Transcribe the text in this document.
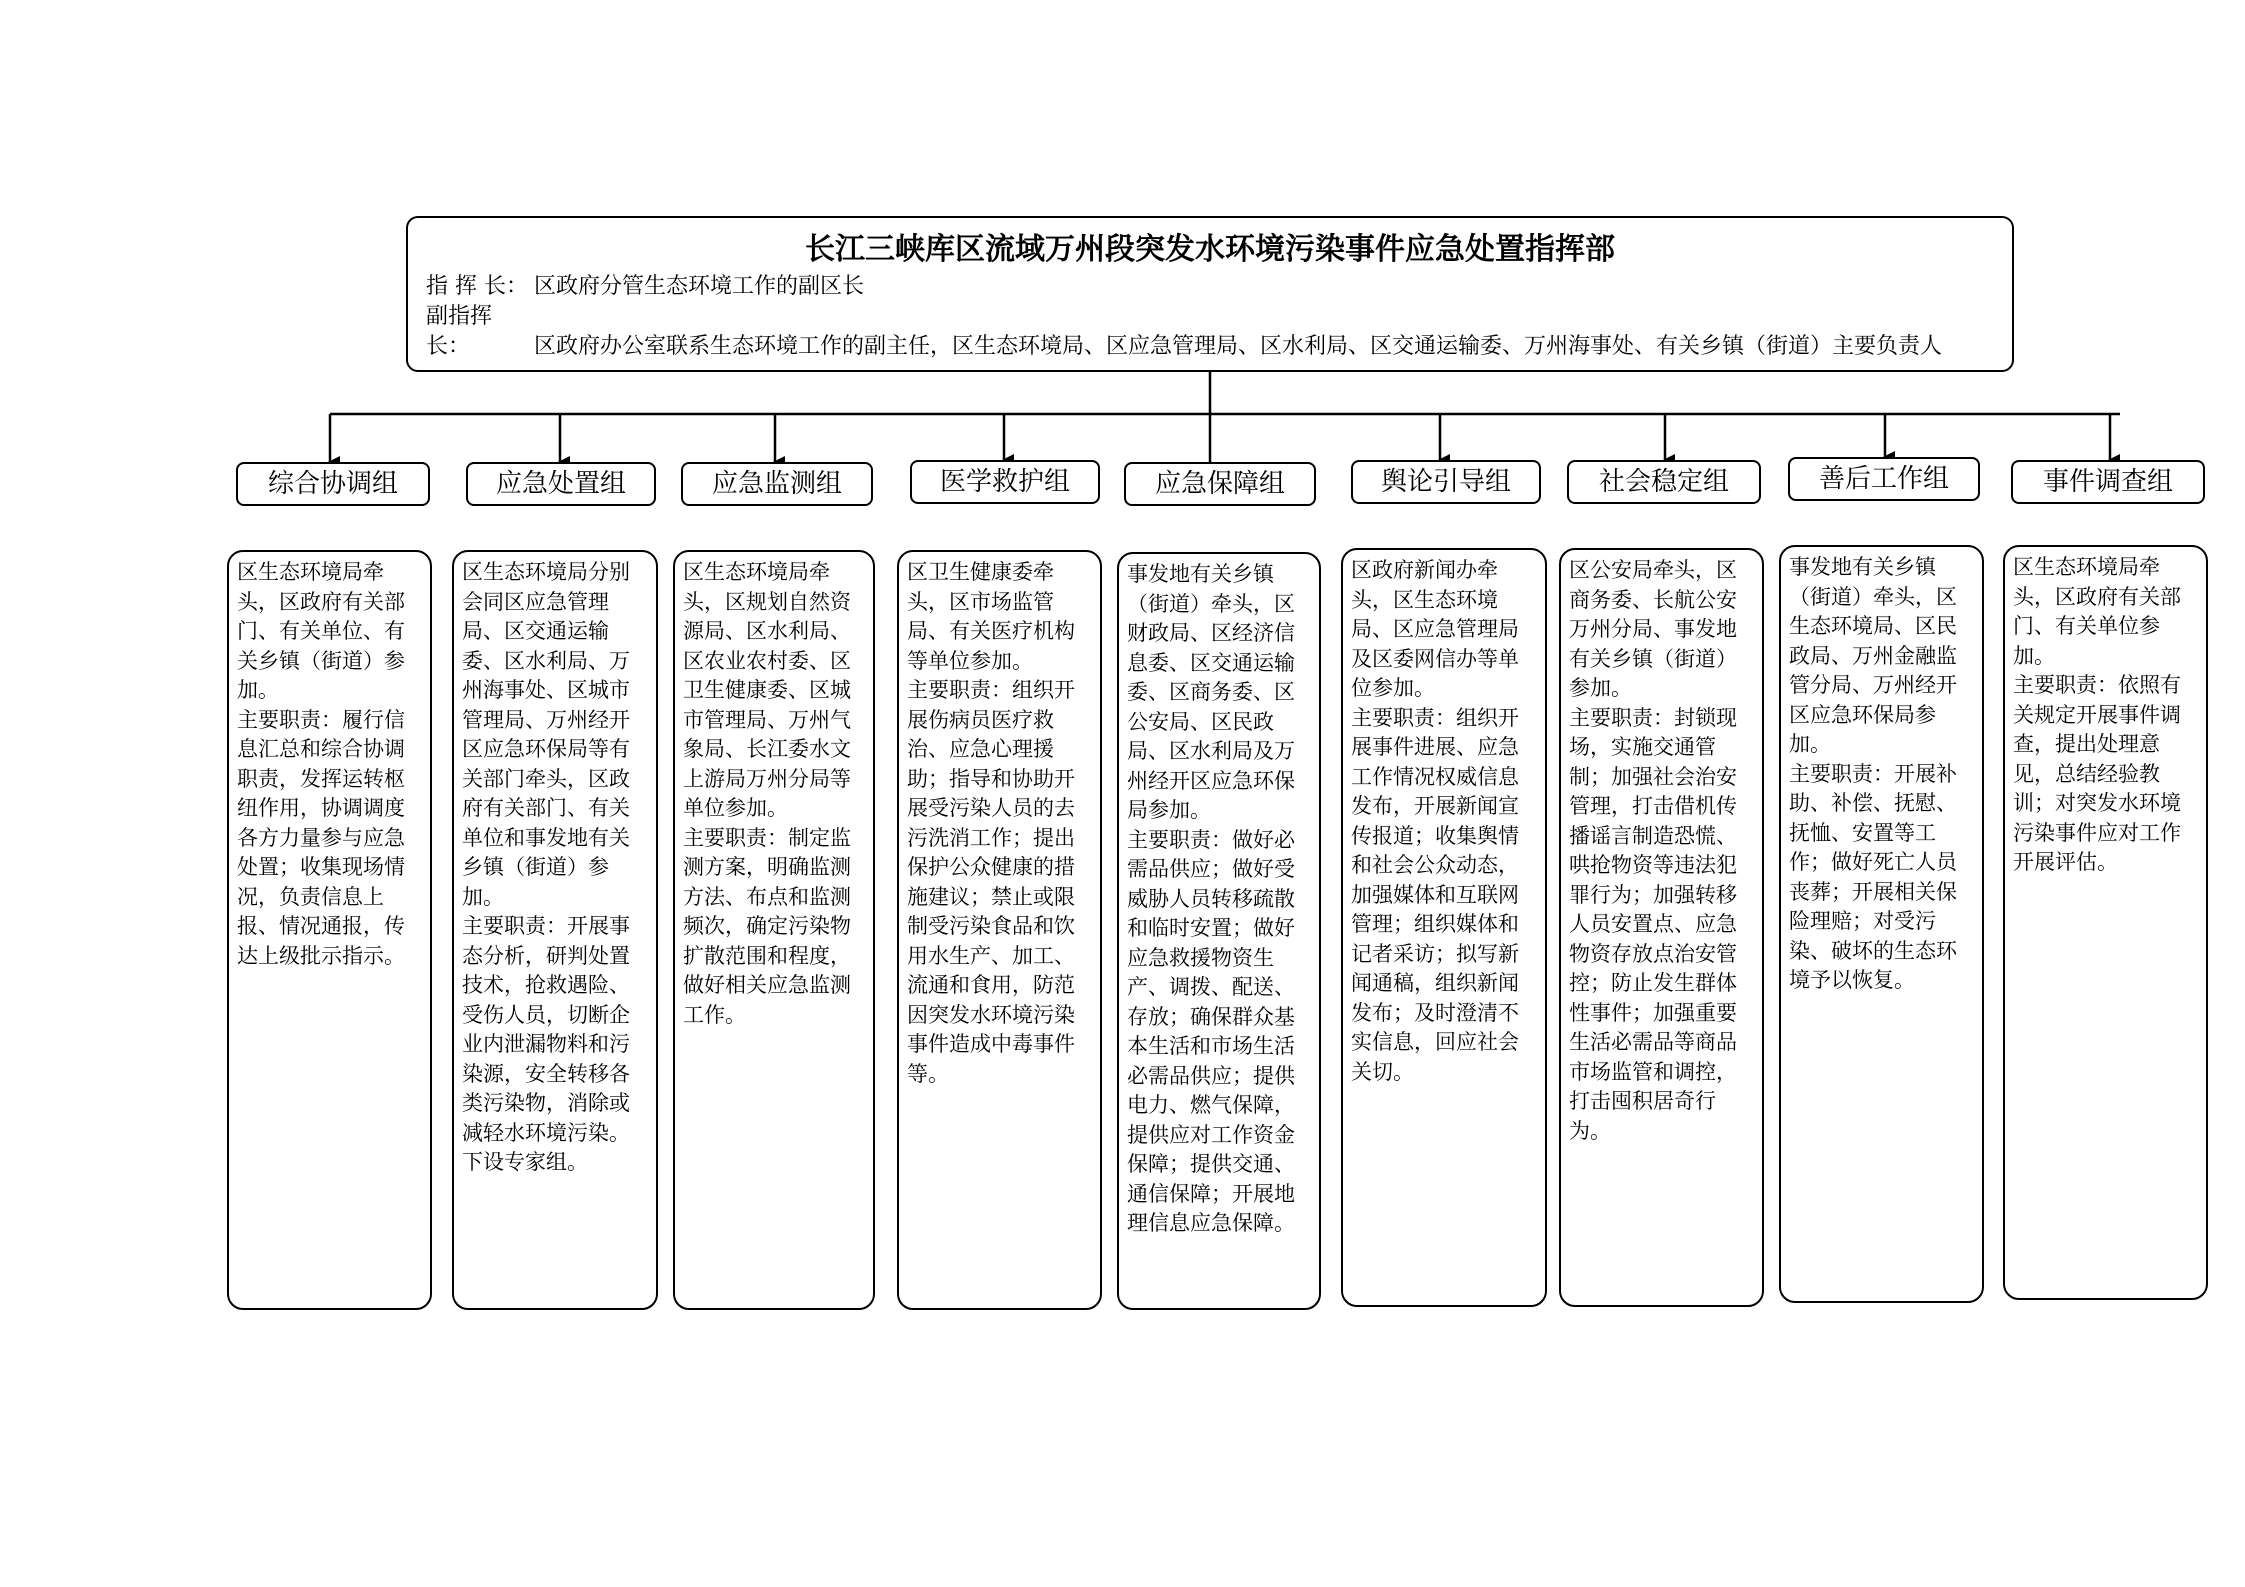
长江三峡库区流域万州段突发水环境污染事件应急处置指挥部
指 挥 长： 区政府分管生态环境工作的副区长
副指挥长：	区政府办公室联系生态环境工作的副主任，区生态环境局、区应急管理局、区水利局、区交通运输委、万州海事处、有关乡镇（街道）主要负责人
综合协调组	应急处置组	应急监测组	医学救护组	应急保障组	舆论引导组	社会稳定组	善后工作组	事件调查组

区生态环境局牵头，区政府有关部门、有关单位、有关乡镇（街道）参加。

主要职责：履行信息汇总和综合协调职责，发挥运转枢纽作用，协调调度各方力量参与应急处置；收集现场情况，负责信息上报、情况通报，传达上级批示指示。

区生态环境局分别会同区应急管理局、区交通运输委、区水利局、万州海事处、区城市管理局、万州经开区应急环保局等有关部门牵头，区政府有关部门、有关单位和事发地有关乡镇（街道）参加。

主要职责：开展事态分析，研判处置技术，抢救遇险、受伤人员，切断企业内泄漏物料和污染源，安全转移各类污染物，消除或减轻水环境污染。下设专家组。

区生态环境局牵头，区规划自然资源局、区水利局、区农业农村委、区卫生健康委、区城市管理局、万州气象局、长江委水文上游局万州分局等单位参加。

主要职责：制定监测方案，明确监测方法、布点和监测频次，确定污染物扩散范围和程度，做好相关应急监测工作。

区卫生健康委牵头，区市场监管局、有关医疗机构等单位参加。

主要职责：组织开展伤病员医疗救治、应急心理援助；指导和协助开展受污染人员的去污洗消工作；提出保护公众健康的措施建议；禁止或限制受污染食品和饮用水生产、加工、流通和食用，防范因突发水环境污染事件造成中毒事件等。

事发地有关乡镇（街道）牵头，区财政局、区经济信息委、区交通运输委、区商务委、区公安局、区民政局、区水利局及万州经开区应急环保局参加。

主要职责：做好必需品供应；做好受威胁人员转移疏散和临时安置；做好应急救援物资生产、调拨、配送、存放；确保群众基本生活和市场生活必需品供应；提供电力、燃气保障，提供应对工作资金保障；提供交通、通信保障；开展地理信息应急保障。

区政府新闻办牵头，区生态环境局、区应急管理局及区委网信办等单位参加。

主要职责：组织开展事件进展、应急工作情况权威信息发布，开展新闻宣传报道；收集舆情和社会公众动态，加强媒体和互联网管理；组织媒体和记者采访；拟写新闻通稿，组织新闻发布；及时澄清不实信息，回应社会关切。

区公安局牵头，区商务委、长航公安万州分局、事发地有关乡镇（街道）参加。

主要职责：封锁现场，实施交通管制；加强社会治安管理，打击借机传播谣言制造恐慌、哄抢物资等违法犯罪行为；加强转移人员安置点、应急物资存放点治安管控；防止发生群体性事件；加强重要生活必需品等商品市场监管和调控，打击囤积居奇行为。

事发地有关乡镇（街道）牵头，区生态环境局、区民政局、万州金融监管分局、万州经开区应急环保局参加。

主要职责：开展补助、补偿、抚慰、抚恤、安置等工作；做好死亡人员丧葬；开展相关保险理赔；对受污染、破坏的生态环境予以恢复。

区生态环境局牵头，区政府有关部门、有关单位参加。

主要职责：依照有关规定开展事件调查，提出处理意见，总结经验教训；对突发水环境污染事件应对工作开展评估。
